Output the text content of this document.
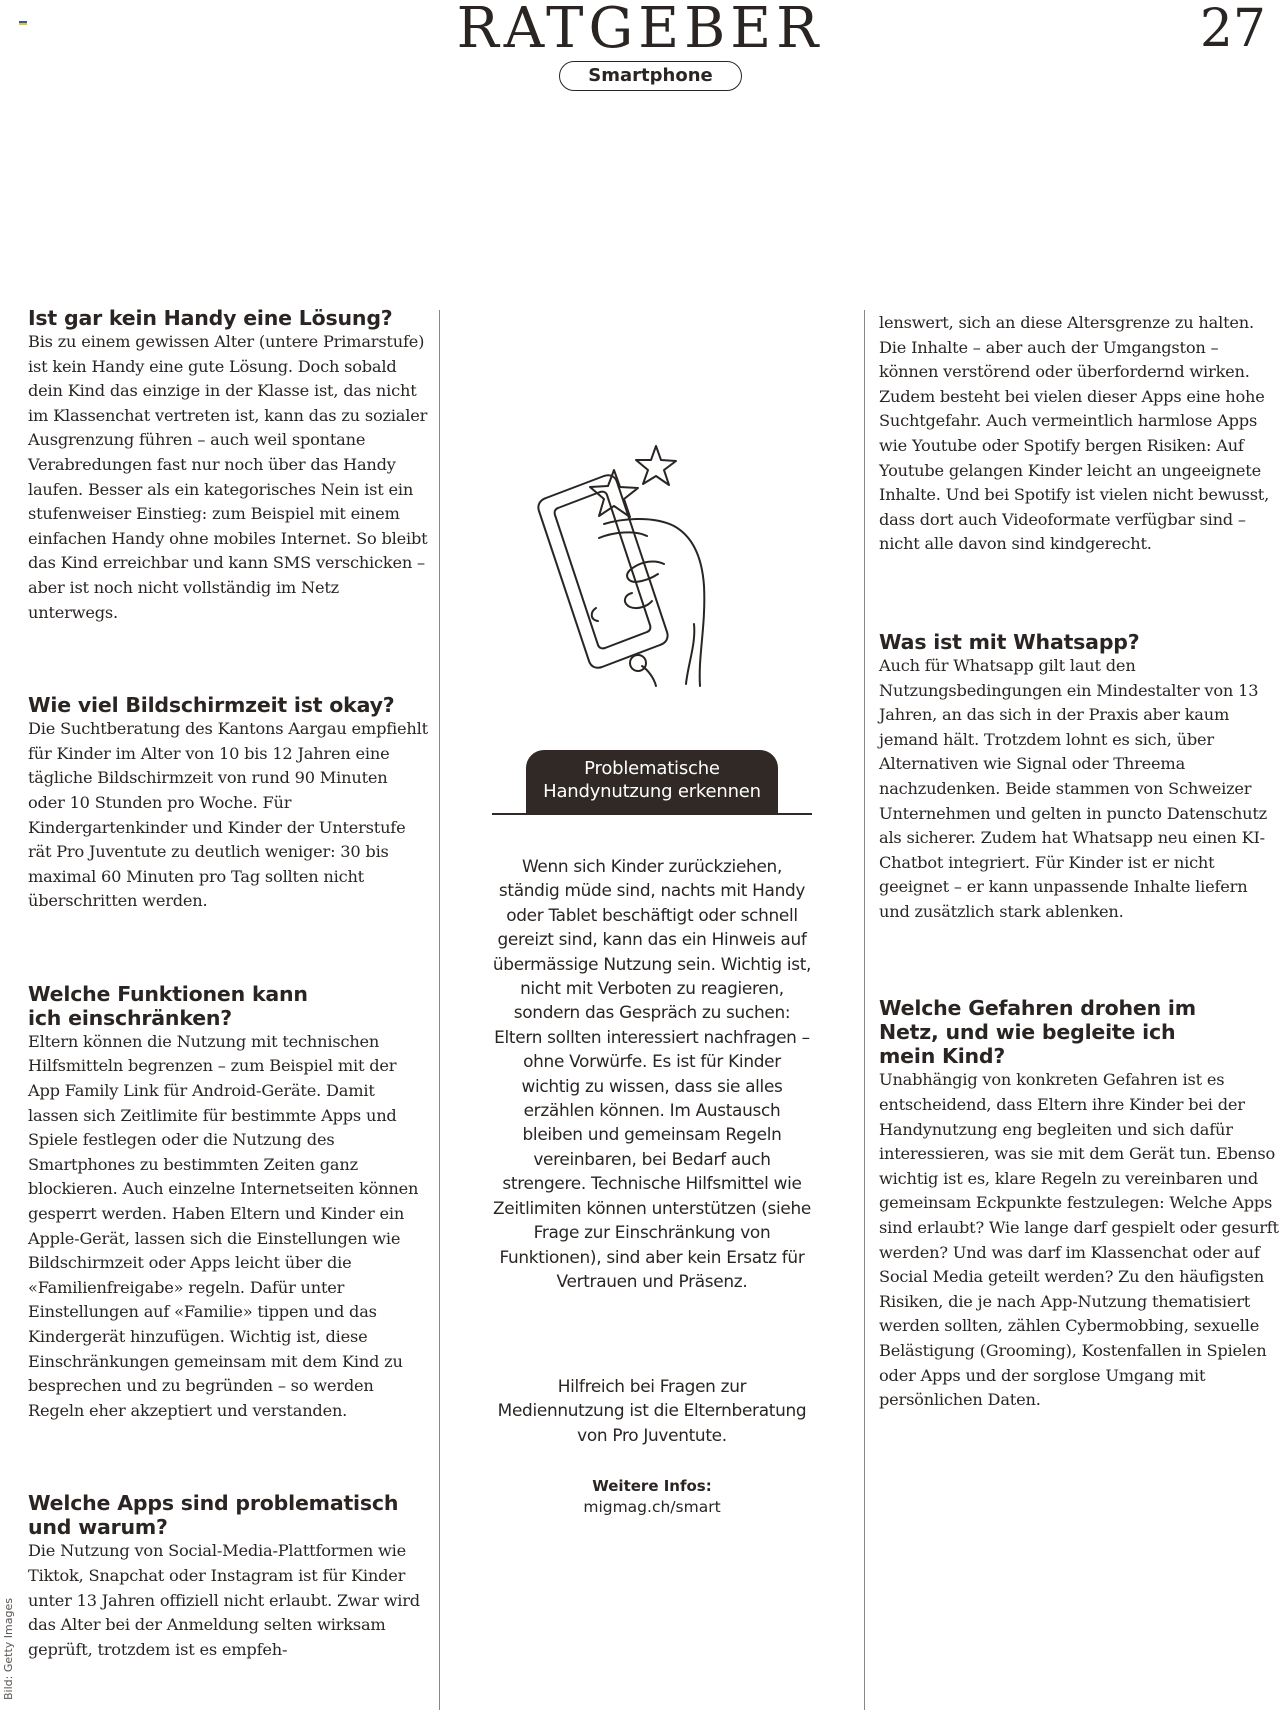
RATGEBER	27
Smartphone
Ist gar kein Handy eine Lösung?

Bis zu einem gewissen Alter (untere Primarstufe) ist kein Handy eine gute Lösung. Doch sobald dein Kind das einzige in der Klasse ist, das nicht im Klassenchat vertreten ist, kann das zu sozialer Ausgrenzung führen – auch weil spontane Verabredungen fast nur noch über das Handy laufen. Besser als ein kategorisches Nein ist ein stufenweiser Einstieg: zum Beispiel mit einem einfachen Handy ohne mobiles Internet. So bleibt das Kind erreichbar und kann SMS verschicken – aber ist noch nicht vollständig im Netz unterwegs.

Wie viel Bildschirmzeit ist okay?

Die Suchtberatung des Kantons Aargau empfiehlt für Kinder im Alter von 10 bis 12 Jahren eine tägliche Bildschirmzeit von rund 90 Minuten oder 10 Stunden pro Woche. Für Kindergartenkinder und Kinder der Unterstufe rät Pro Juventute zu deutlich weniger: 30 bis maximal 60 Minuten pro Tag sollten nicht überschritten werden.

Welche Funktionen kann ich einschränken?

Eltern können die Nutzung mit technischen Hilfsmitteln begrenzen – zum Beispiel mit der App Family Link für Android-Geräte. Damit lassen sich Zeitlimite für bestimmte Apps und Spiele festlegen oder die Nutzung des Smartphones zu bestimmten Zeiten ganz blockieren. Auch einzelne Internetseiten können gesperrt werden. Haben Eltern und Kinder ein Apple-Gerät, lassen sich die Einstellungen wie Bildschirmzeit oder Apps leicht über die «Familienfreigabe» regeln. Dafür unter Einstellungen auf «Familie» tippen und das Kindergerät hinzufügen. Wichtig ist, diese Einschränkungen gemeinsam mit dem Kind zu besprechen und zu begründen – so werden Regeln eher akzeptiert und verstanden.

Welche Apps sind problematisch und warum?

Die Nutzung von Social-Media-Plattformen wie Tiktok, Snapchat oder Instagram ist für Kinder unter 13 Jahren offiziell nicht erlaubt. Zwar wird das Alter bei der Anmeldung selten wirksam geprüft, trotzdem ist es empfeh-

Problematische Handynutzung erkennen
Wenn sich Kinder zurückziehen, ständig müde sind, nachts mit Handy oder Tablet beschäftigt oder schnell gereizt sind, kann das ein Hinweis auf übermässige Nutzung sein. Wichtig ist, nicht mit Verboten zu reagieren, sondern das Gespräch zu suchen: Eltern sollten interessiert nachfragen – ohne Vorwürfe. Es ist für Kinder wichtig zu wissen, dass sie alles erzählen können. Im Austausch bleiben und gemeinsam Regeln vereinbaren, bei Bedarf auch strengere. Technische Hilfsmittel wie Zeitlimiten können unterstützen (siehe Frage zur Einschränkung von Funktionen), sind aber kein Ersatz für Vertrauen und Präsenz.
Hilfreich bei Fragen zur Mediennutzung ist die Elternberatung von Pro Juventute.
Weitere Infos:
migmag.ch/smart

lenswert, sich an diese Altersgrenze zu halten. Die Inhalte – aber auch der Umgangston – können verstörend oder überfordernd wirken. Zudem besteht bei vielen dieser Apps eine hohe Suchtgefahr. Auch vermeintlich harmlose Apps wie Youtube oder Spotify bergen Risiken: Auf Youtube gelangen Kinder leicht an ungeeignete Inhalte. Und bei Spotify ist vielen nicht bewusst, dass dort auch Videoformate verfügbar sind – nicht alle davon sind kindgerecht.

Was ist mit Whatsapp?

Auch für Whatsapp gilt laut den Nutzungsbedingungen ein Mindestalter von 13 Jahren, an das sich in der Praxis aber kaum jemand hält. Trotzdem lohnt es sich, über Alternativen wie Signal oder Threema nachzudenken. Beide stammen von Schweizer Unternehmen und gelten in puncto Datenschutz als sicherer. Zudem hat Whatsapp neu einen KI-Chatbot integriert. Für Kinder ist er nicht geeignet – er kann unpassende Inhalte liefern und zusätzlich stark ablenken.

Welche Gefahren drohen im Netz, und wie begleite ich mein Kind?

Unabhängig von konkreten Gefahren ist es entscheidend, dass Eltern ihre Kinder bei der Handynutzung eng begleiten und sich dafür interessieren, was sie mit dem Gerät tun. Ebenso wichtig ist es, klare Regeln zu vereinbaren und gemeinsam Eckpunkte festzulegen: Welche Apps sind erlaubt? Wie lange darf gespielt oder gesurft werden? Und was darf im Klassenchat oder auf Social Media geteilt werden? Zu den häufigsten Risiken, die je nach App-Nutzung thematisiert werden sollten, zählen Cybermobbing, sexuelle Belästigung (Grooming), Kostenfallen in Spielen oder Apps und der sorglose Umgang mit persönlichen Daten.

Bild: Getty Images
